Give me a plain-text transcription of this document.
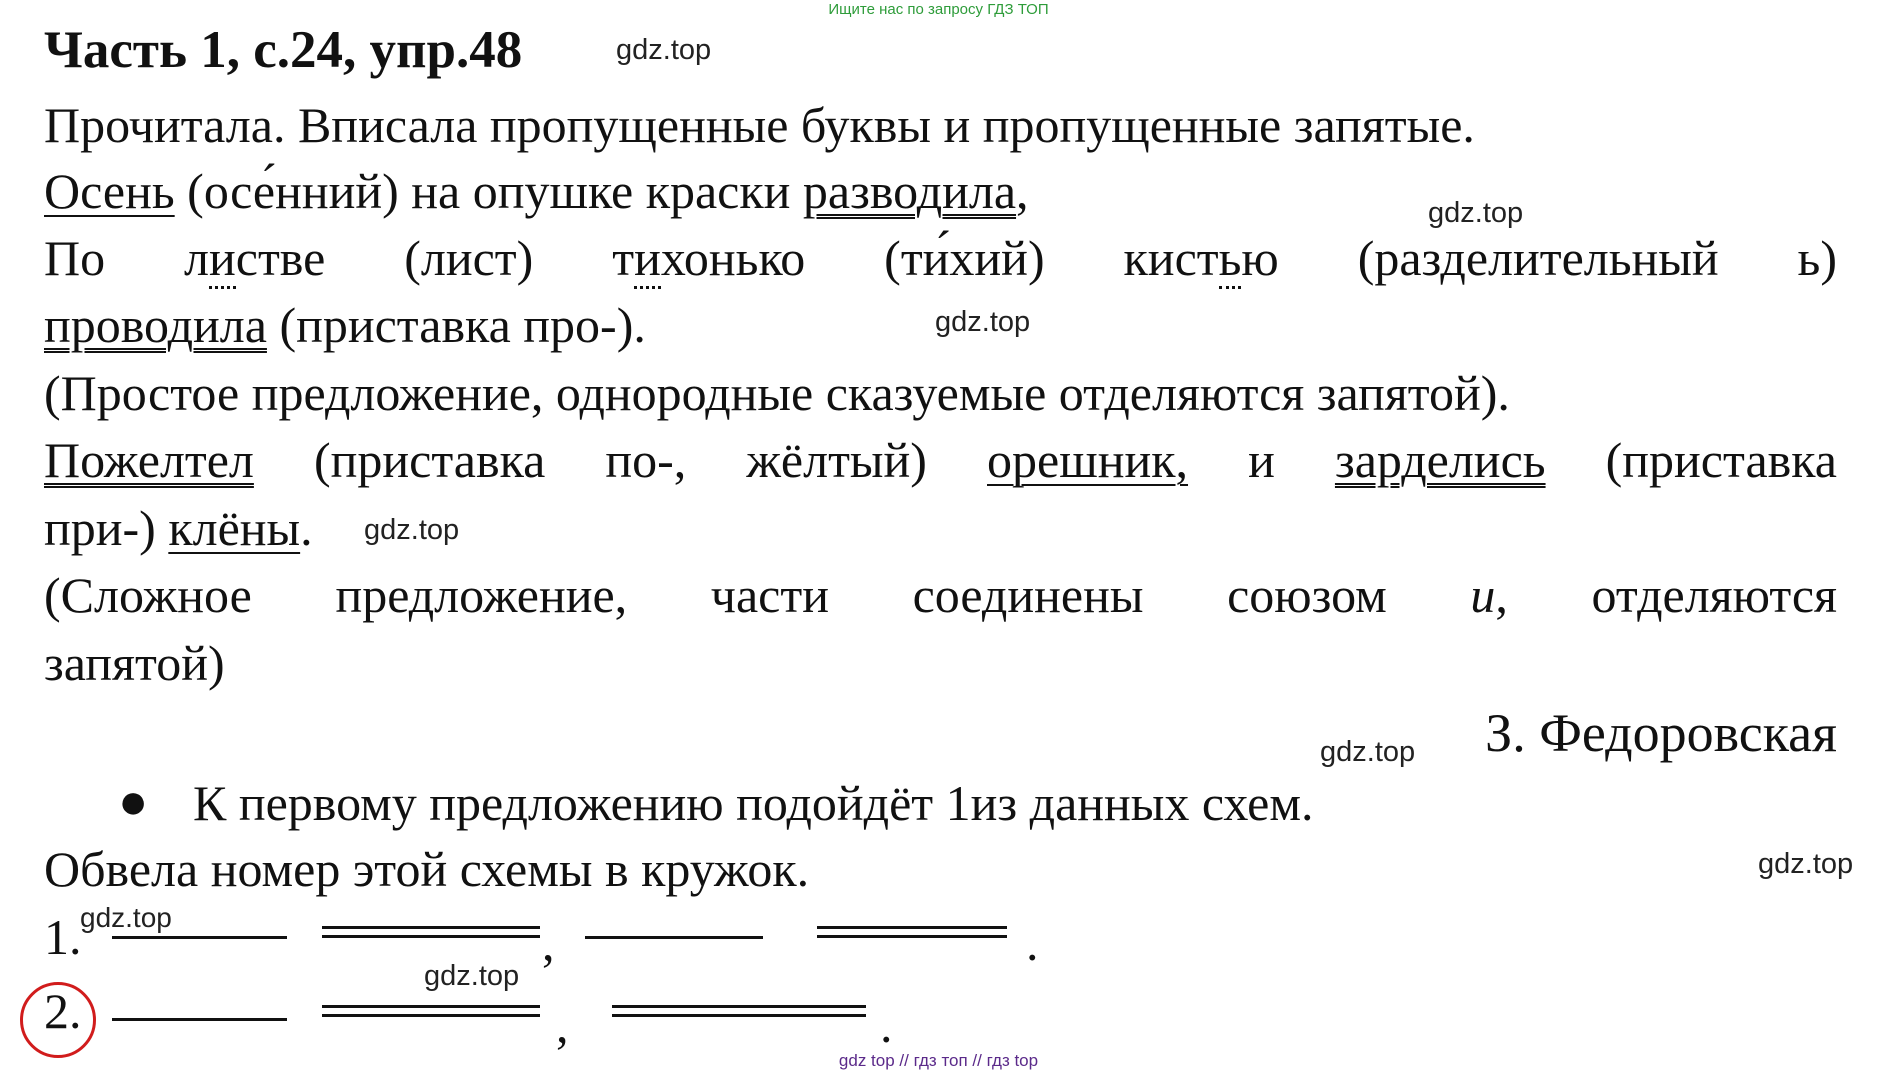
Ищите нас по запросу ГДЗ ТОП
Часть 1, с.24, упр.48	gdz.top
Прочитала. Вписала пропущенные буквы и пропущенные запятые.
Осень (осе́нний) на опушке краски разводила,	gdz.top
По листве (лист) тихонько (ти́хий) кистью (разделительный ь)
проводила (приставка про-).	gdz.top
(Простое предложение, однородные сказуемые отделяются запятой).
Пожелтел (приставка по-, жёлтый) орешник, и зарделись (приставка
при-) клёны.	gdz.top
(Сложное предложение, части соединены союзом и, отделяются
запятой)
З. Федоровская
gdz.top
● К первому предложению подойдёт 1из данных схем.
Обвела номер этой схемы в кружок.	gdz.top
1.
gdz.top	,	.
gdz.top
2.	,	.
gdz top // гдз топ // гдз top
